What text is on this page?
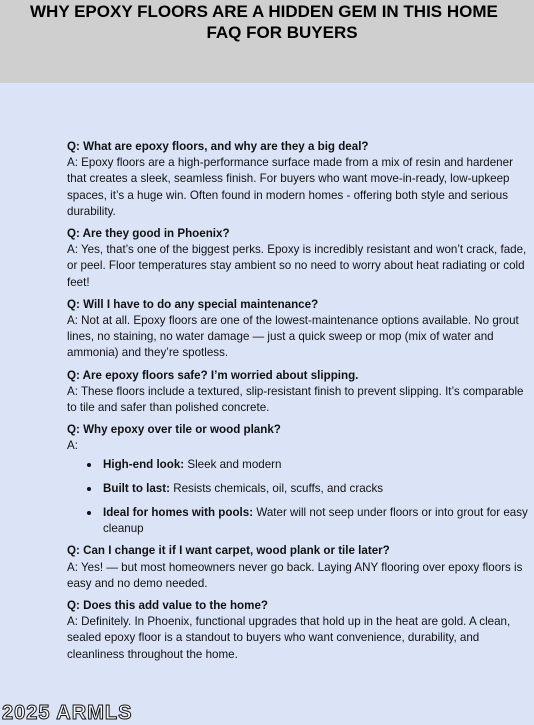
WHY EPOXY FLOORS ARE A HIDDEN GEM IN THIS HOME
FAQ FOR BUYERS
Q: What are epoxy floors, and why are they a big deal?
A: Epoxy floors are a high-performance surface made from a mix of resin and hardener that creates a sleek, seamless finish. For buyers who want move-in-ready, low-upkeep spaces, it’s a huge win. Often found in modern homes - offering both style and serious durability.
Q: Are they good in Phoenix?
A: Yes, that’s one of the biggest perks. Epoxy is incredibly resistant and won’t crack, fade, or peel. Floor temperatures stay ambient so no need to worry about heat radiating or cold feet!
Q: Will I have to do any special maintenance?
A: Not at all. Epoxy floors are one of the lowest-maintenance options available. No grout lines, no staining, no water damage — just a quick sweep or mop (mix of water and ammonia) and they’re spotless.
Q: Are epoxy floors safe? I’m worried about slipping.
A: These floors include a textured, slip-resistant finish to prevent slipping. It’s comparable to tile and safer than polished concrete.
Q: Why epoxy over tile or wood plank?
A:
High-end look: Sleek and modern
Built to last: Resists chemicals, oil, scuffs, and cracks
Ideal for homes with pools: Water will not seep under floors or into grout for easy cleanup
Q: Can I change it if I want carpet, wood plank or tile later?
A: Yes! — but most homeowners never go back. Laying ANY flooring over epoxy floors is easy and no demo needed.
Q: Does this add value to the home?
A: Definitely. In Phoenix, functional upgrades that hold up in the heat are gold. A clean, sealed epoxy floor is a standout to buyers who want convenience, durability, and cleanliness throughout the home.
2025 ARMLS
